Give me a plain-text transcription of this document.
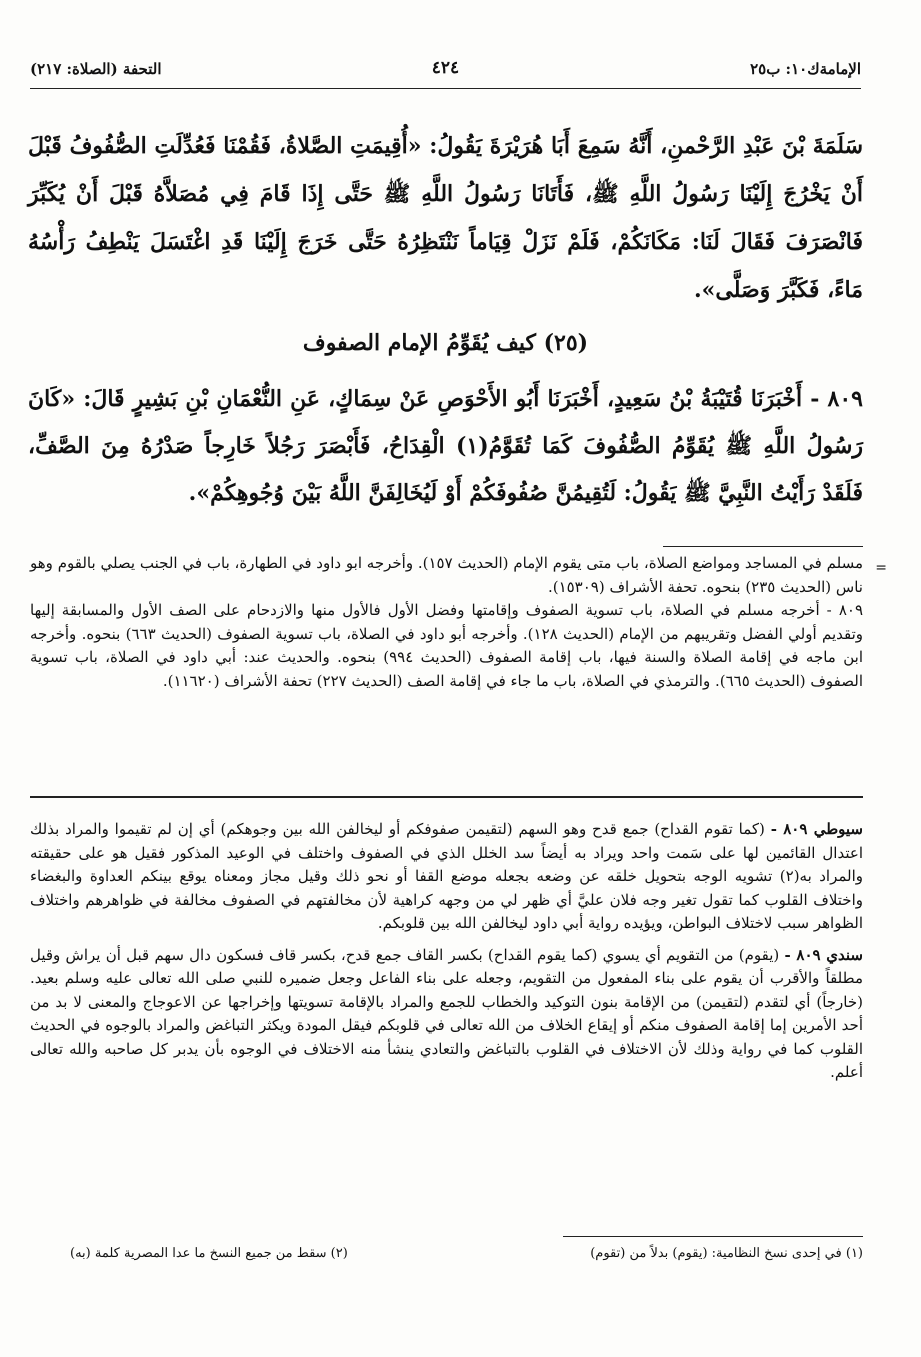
الإمامةك١٠: ب٢٥
٤٢٤
التحفة (الصلاة: ٢١٧)
سَلَمَةَ بْنَ عَبْدِ الرَّحْمنِ، أَنَّهُ سَمِعَ أَبَا هُرَيْرَةَ يَقُولُ: «أُقِيمَتِ الصَّلاةُ، فَقُمْنَا فَعُدِّلَتِ الصُّفُوفُ قَبْلَ أَنْ يَخْرُجَ إِلَيْنَا رَسُولُ اللَّهِ ﷺ، فَأَتَانَا رَسُولُ اللَّهِ ﷺ حَتَّى إِذَا قَامَ فِي مُصَلاَّهُ قَبْلَ أَنْ يُكَبِّرَ فَانْصَرَفَ فَقَالَ لَنَا: مَكَانَكُمْ، فَلَمْ نَزَلْ قِيَاماً نَنْتَظِرُهُ حَتَّى خَرَجَ إِلَيْنَا قَدِ اغْتَسَلَ يَنْطِفُ رَأْسُهُ مَاءً، فَكَبَّرَ وَصَلَّى».
(٢٥) كيف يُقَوِّمُ الإمام الصفوف
٨٠٩ - أَخْبَرَنَا قُتَيْبَةُ بْنُ سَعِيدٍ، أَخْبَرَنَا أَبُو الأَحْوَصِ عَنْ سِمَاكٍ، عَنِ النُّعْمَانِ بْنِ بَشِيرٍ قَالَ: «كَانَ رَسُولُ اللَّهِ ﷺ يُقَوِّمُ الصُّفُوفَ كَمَا تُقَوَّمُ(١) الْقِدَاحُ، فَأَبْصَرَ رَجُلاً خَارِجاً صَدْرُهُ مِنَ الصَّفِّ، فَلَقَدْ رَأَيْتُ النَّبِيَّ ﷺ يَقُولُ: لَتُقِيمُنَّ صُفُوفَكُمْ أَوْ لَيُخَالِفَنَّ اللَّهُ بَيْنَ وُجُوهِكُمْ».

مسلم في المساجد ومواضع الصلاة، باب متى يقوم الإمام (الحديث ١٥٧). وأخرجه ابو داود في الطهارة، باب في الجنب يصلي بالقوم وهو ناس (الحديث ٢٣٥) بنحوه. تحفة الأشراف (١٥٣٠٩).

٨٠٩ - أخرجه مسلم في الصلاة، باب تسوية الصفوف وإقامتها وفضل الأول فالأول منها والازدحام على الصف الأول والمسابقة إليها وتقديم أولي الفضل وتقريبهم من الإمام (الحديث ١٢٨). وأخرجه أبو داود في الصلاة، باب تسوية الصفوف (الحديث ٦٦٣) بنحوه. وأخرجه ابن ماجه في إقامة الصلاة والسنة فيها، باب إقامة الصفوف (الحديث ٩٩٤) بنحوه. والحديث عند: أبي داود في الصلاة، باب تسوية الصفوف (الحديث ٦٦٥). والترمذي في الصلاة، باب ما جاء في إقامة الصف (الحديث ٢٢٧) تحفة الأشراف (١١٦٢٠).

=

سيوطي ٨٠٩ - (كما تقوم القداح) جمع قدح وهو السهم (لتقيمن صفوفكم أو ليخالفن الله بين وجوهكم) أي إن لم تقيموا والمراد بذلك اعتدال القائمين لها على سَمت واحد ويراد به أيضاً سد الخلل الذي في الصفوف واختلف في الوعيد المذكور فقيل هو على حقيقته والمراد به(٢) تشويه الوجه بتحويل خلقه عن وضعه بجعله موضع القفا أو نحو ذلك وقيل مجاز ومعناه يوقع بينكم العداوة والبغضاء واختلاف القلوب كما تقول تغير وجه فلان عليَّ أي ظهر لي من وجهه كراهية لأن مخالفتهم في الصفوف مخالفة في ظواهرهم واختلاف الظواهر سبب لاختلاف البواطن، ويؤيده رواية أبي داود ليخالفن الله بين قلوبكم.

سندي ٨٠٩ - (يقوم) من التقويم أي يسوي (كما يقوم القداح) بكسر القاف جمع قدح، بكسر قاف فسكون دال سهم قبل أن يراش وقيل مطلقاً والأقرب أن يقوم على بناء المفعول من التقويم، وجعله على بناء الفاعل وجعل ضميره للنبي صلى الله تعالى عليه وسلم بعيد. (خارجاً) أي لتقدم (لتقيمن) من الإقامة بنون التوكيد والخطاب للجمع والمراد بالإقامة تسويتها وإخراجها عن الاعوجاج والمعنى لا بد من أحد الأمرين إما إقامة الصفوف منكم أو إيقاع الخلاف من الله تعالى في قلوبكم فيقل المودة ويكثر التباغض والمراد بالوجوه في الحديث القلوب كما في رواية وذلك لأن الاختلاف في القلوب بالتباغض والتعادي ينشأ منه الاختلاف في الوجوه بأن يدبر كل صاحبه والله تعالى أعلم.

(١) في إحدى نسخ النظامية: (يقوم) بدلاً من (تقوم)
(٢) سقط من جميع النسخ ما عدا المصرية كلمة (به)
